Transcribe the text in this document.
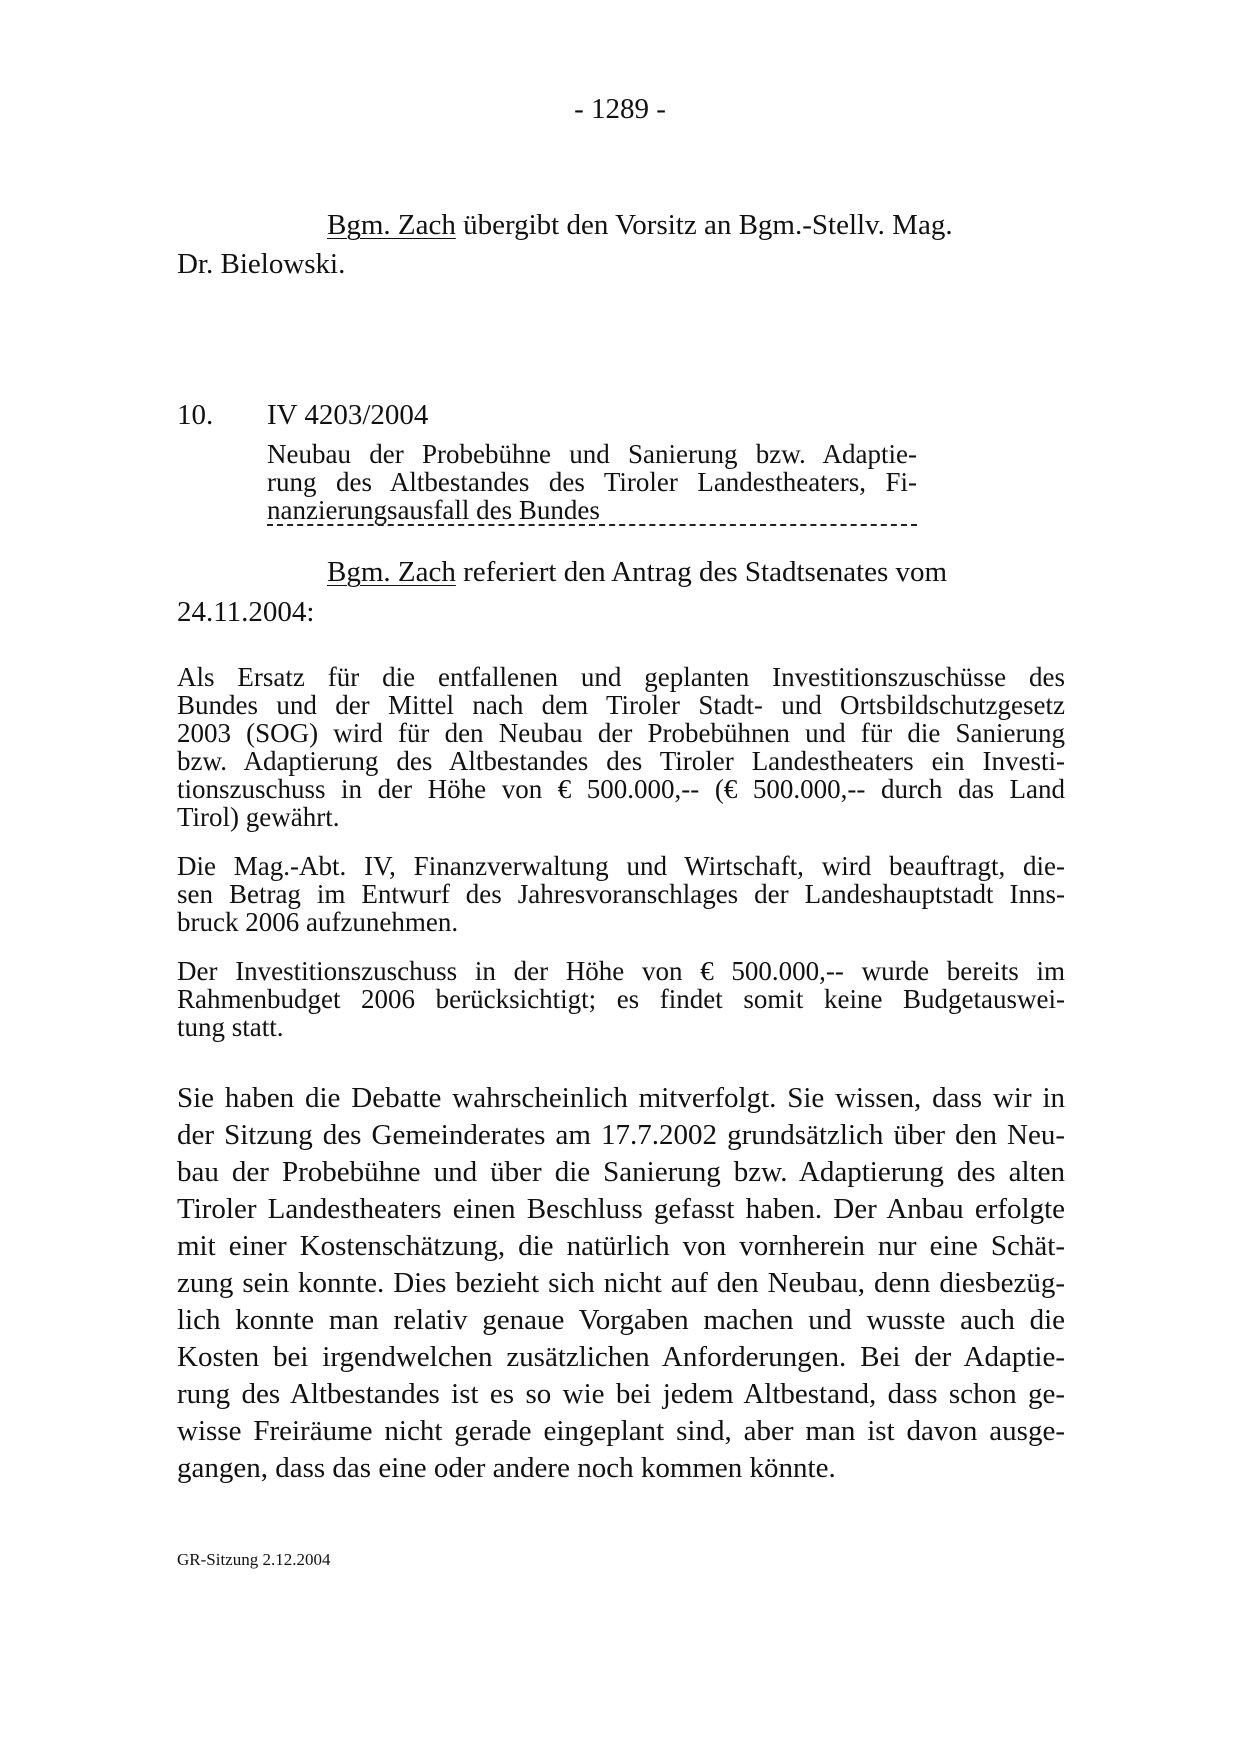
- 1289 -
Bgm. Zach übergibt den Vorsitz an Bgm.-Stellv. Mag.
Dr. Bielowski.
10. IV 4203/2004
Neubau der Probebühne und Sanierung bzw. Adaptie-
rung des Altbestandes des Tiroler Landestheaters, Fi-
nanzierungsausfall des Bundes
Bgm. Zach referiert den Antrag des Stadtsenates vom
24.11.2004:
Als Ersatz für die entfallenen und geplanten Investitionszuschüsse des
Bundes und der Mittel nach dem Tiroler Stadt- und Ortsbildschutzgesetz
2003 (SOG) wird für den Neubau der Probebühnen und für die Sanierung
bzw. Adaptierung des Altbestandes des Tiroler Landestheaters ein Investi-
tionszuschuss in der Höhe von € 500.000,-- (€ 500.000,-- durch das Land
Tirol) gewährt.
Die Mag.-Abt. IV, Finanzverwaltung und Wirtschaft, wird beauftragt, die-
sen Betrag im Entwurf des Jahresvoranschlages der Landeshauptstadt Inns-
bruck 2006 aufzunehmen.
Der Investitionszuschuss in der Höhe von € 500.000,-- wurde bereits im
Rahmenbudget 2006 berücksichtigt; es findet somit keine Budgetauswei-
tung statt.
Sie haben die Debatte wahrscheinlich mitverfolgt. Sie wissen, dass wir in
der Sitzung des Gemeinderates am 17.7.2002 grundsätzlich über den Neu-
bau der Probebühne und über die Sanierung bzw. Adaptierung des alten
Tiroler Landestheaters einen Beschluss gefasst haben. Der Anbau erfolgte
mit einer Kostenschätzung, die natürlich von vornherein nur eine Schät-
zung sein konnte. Dies bezieht sich nicht auf den Neubau, denn diesbezüg-
lich konnte man relativ genaue Vorgaben machen und wusste auch die
Kosten bei irgendwelchen zusätzlichen Anforderungen. Bei der Adaptie-
rung des Altbestandes ist es so wie bei jedem Altbestand, dass schon ge-
wisse Freiräume nicht gerade eingeplant sind, aber man ist davon ausge-
gangen, dass das eine oder andere noch kommen könnte.
GR-Sitzung 2.12.2004
